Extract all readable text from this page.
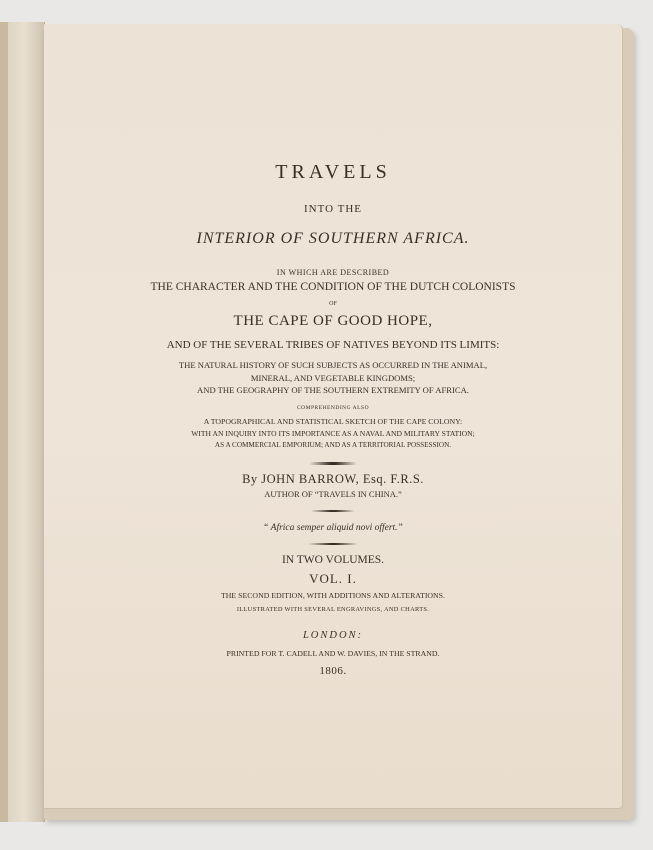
TRAVELS
INTO THE
INTERIOR OF SOUTHERN AFRICA.
IN WHICH ARE DESCRIBED
THE CHARACTER AND THE CONDITION OF THE DUTCH COLONISTS
OF
THE CAPE OF GOOD HOPE,
AND OF THE SEVERAL TRIBES OF NATIVES BEYOND ITS LIMITS:
THE NATURAL HISTORY OF SUCH SUBJECTS AS OCCURRED IN THE ANIMAL,
MINERAL, AND VEGETABLE KINGDOMS;
AND THE GEOGRAPHY OF THE SOUTHERN EXTREMITY OF AFRICA.
COMPREHENDING ALSO
A TOPOGRAPHICAL AND STATISTICAL SKETCH OF THE CAPE COLONY:
WITH AN INQUIRY INTO ITS IMPORTANCE AS A NAVAL AND MILITARY STATION;
AS A COMMERCIAL EMPORIUM; AND AS A TERRITORIAL POSSESSION.
By JOHN BARROW, Esq. F.R.S.
AUTHOR OF “TRAVELS IN CHINA.”
“ Africa semper aliquid novi offert.”
IN TWO VOLUMES.
VOL. I.
THE SECOND EDITION, WITH ADDITIONS AND ALTERATIONS.
ILLUSTRATED WITH SEVERAL ENGRAVINGS, AND CHARTS.
LONDON:
PRINTED FOR T. CADELL AND W. DAVIES, IN THE STRAND.
1806.
